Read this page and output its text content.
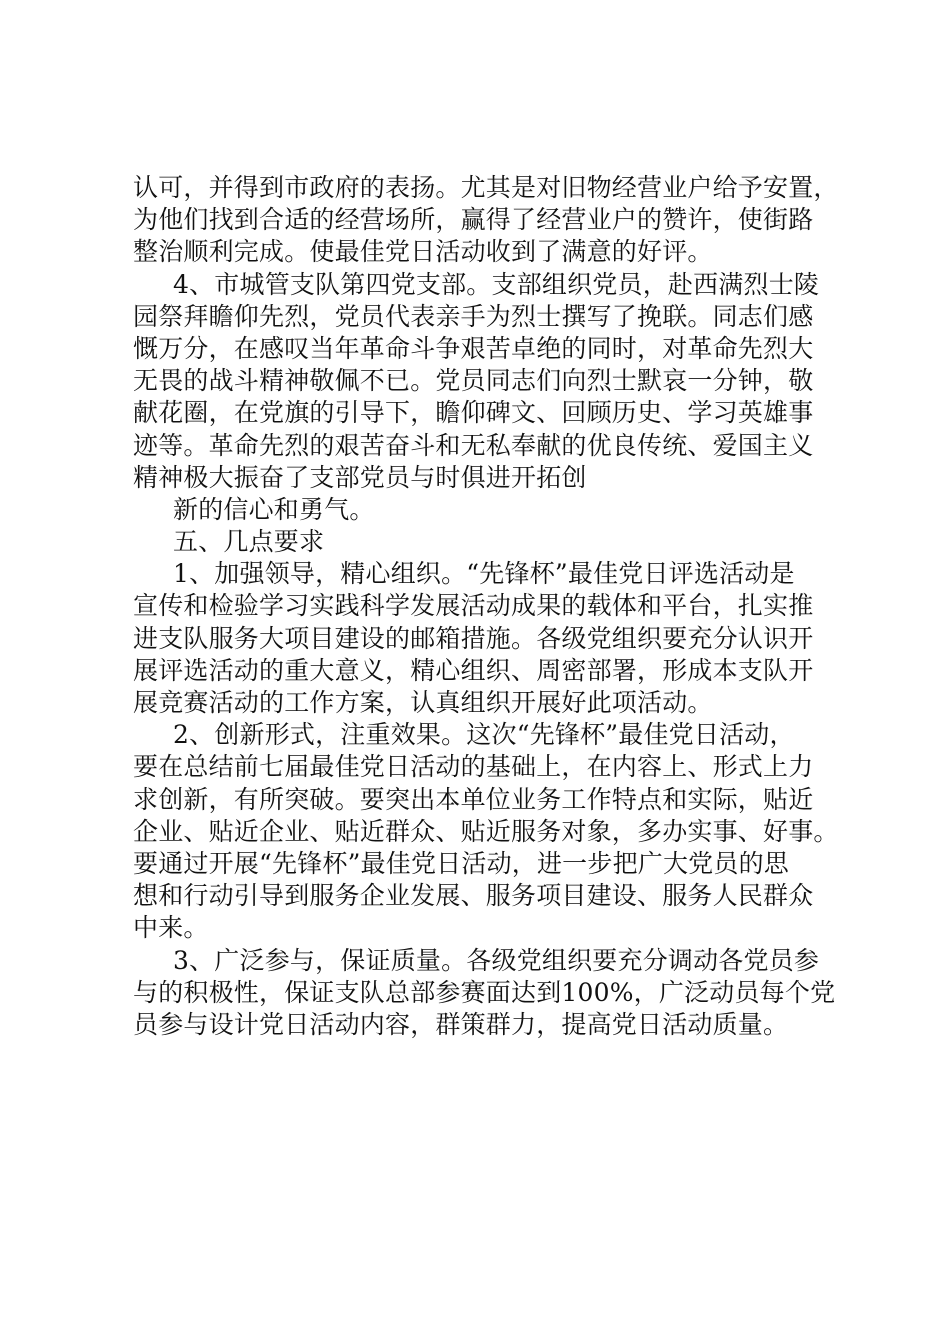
认可，并得到市政府的表扬。尤其是对旧物经营业户给予安置，
为他们找到合适的经营场所，赢得了经营业户的赞许，使街路
整治顺利完成。使最佳党日活动收到了满意的好评。
4、市城管支队第四党支部。支部组织党员，赴西满烈士陵
园祭拜瞻仰先烈，党员代表亲手为烈士撰写了挽联。同志们感
慨万分，在感叹当年革命斗争艰苦卓绝的同时，对革命先烈大
无畏的战斗精神敬佩不已。党员同志们向烈士默哀一分钟，敬
献花圈，在党旗的引导下，瞻仰碑文、回顾历史、学习英雄事
迹等。革命先烈的艰苦奋斗和无私奉献的优良传统、爱国主义
精神极大振奋了支部党员与时俱进开拓创
新的信心和勇气。
五、几点要求
1、加强领导，精心组织。“先锋杯”最佳党日评选活动是
宣传和检验学习实践科学发展活动成果的载体和平台，扎实推
进支队服务大项目建设的邮箱措施。各级党组织要充分认识开
展评选活动的重大意义，精心组织、周密部署，形成本支队开
展竞赛活动的工作方案，认真组织开展好此项活动。
2、创新形式，注重效果。这次“先锋杯”最佳党日活动，
要在总结前七届最佳党日活动的基础上，在内容上、形式上力
求创新，有所突破。要突出本单位业务工作特点和实际，贴近
企业、贴近企业、贴近群众、贴近服务对象，多办实事、好事。
要通过开展“先锋杯”最佳党日活动，进一步把广大党员的思
想和行动引导到服务企业发展、服务项目建设、服务人民群众
中来。
3、广泛参与，保证质量。各级党组织要充分调动各党员参
与的积极性，保证支队总部参赛面达到100%，广泛动员每个党
员参与设计党日活动内容，群策群力，提高党日活动质量。
